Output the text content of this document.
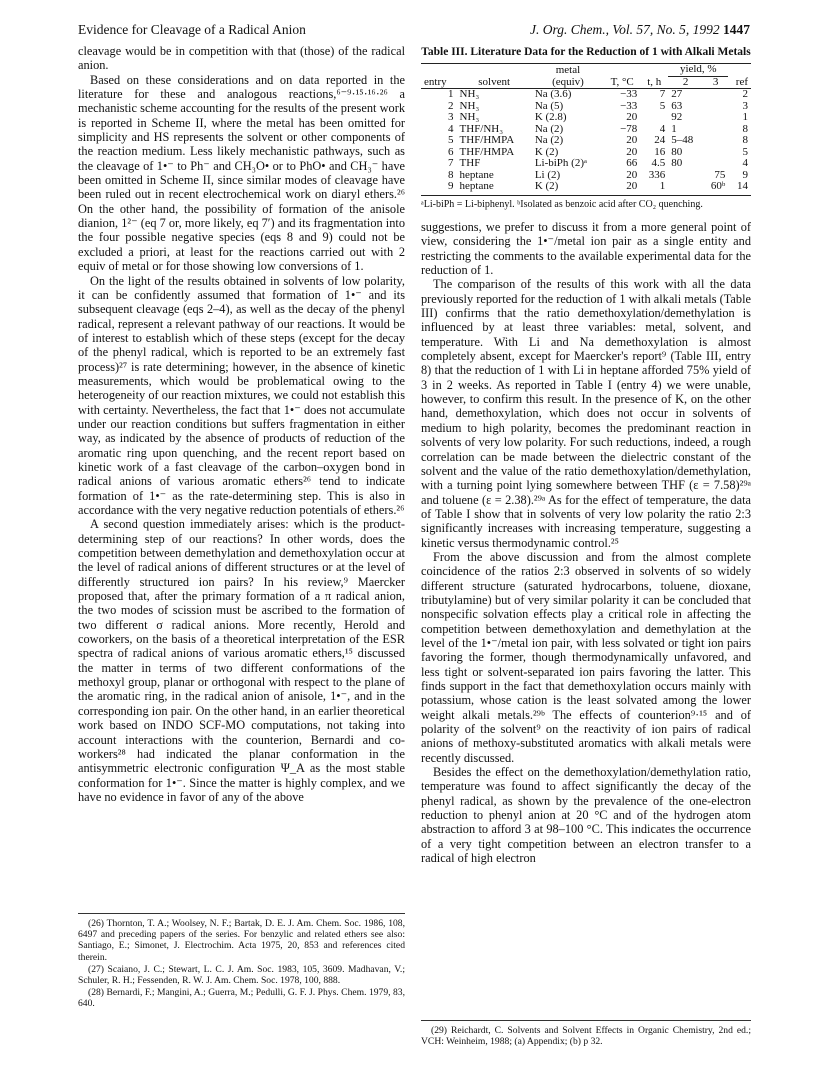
Evidence for Cleavage of a Radical Anion	J. Org. Chem., Vol. 57, No. 5, 1992 1447

cleavage would be in competition with that (those) of the radical anion.

Based on these considerations and on data reported in the literature for these and analogous reactions,⁶⁻⁹·¹⁵·¹⁶·²⁶ a mechanistic scheme accounting for the results of the present work is reported in Scheme II, where the metal has been omitted for simplicity and HS represents the solvent or other components of the reaction medium. Less likely mechanistic pathways, such as the cleavage of 1•⁻ to Ph⁻ and CH₃O• or to PhO• and CH₃⁻ have been omitted in Scheme II, since similar modes of cleavage have been ruled out in recent electrochemical work on diaryl ethers.²⁶ On the other hand, the possibility of formation of the anisole dianion, 1²⁻ (eq 7 or, more likely, eq 7′) and its fragmentation into the four possible negative species (eqs 8 and 9) could not be excluded a priori, at least for the reactions carried out with 2 equiv of metal or for those showing low conversions of 1.

On the light of the results obtained in solvents of low polarity, it can be confidently assumed that formation of 1•⁻ and its subsequent cleavage (eqs 2–4), as well as the decay of the phenyl radical, represent a relevant pathway of our reactions. It would be of interest to establish which of these steps (except for the decay of the phenyl radical, which is reported to be an extremely fast process)²⁷ is rate determining; however, in the absence of kinetic measurements, which would be problematical owing to the heterogeneity of our reaction mixtures, we could not establish this with certainty. Nevertheless, the fact that 1•⁻ does not accumulate under our reaction conditions but suffers fragmentation in either way, as indicated by the absence of products of reduction of the aromatic ring upon quenching, and the recent report based on kinetic work of a fast cleavage of the carbon–oxygen bond in radical anions of various aromatic ethers²⁶ tend to indicate formation of 1•⁻ as the rate-determining step. This is also in accordance with the very negative reduction potentials of ethers.²⁶

A second question immediately arises: which is the product-determining step of our reactions? In other words, does the competition between demethylation and demethoxylation occur at the level of radical anions of different structures or at the level of differently structured ion pairs? In his review,⁹ Maercker proposed that, after the primary formation of a π radical anion, the two modes of scission must be ascribed to the formation of two different σ radical anions. More recently, Herold and coworkers, on the basis of a theoretical interpretation of the ESR spectra of radical anions of various aromatic ethers,¹⁵ discussed the matter in terms of two different conformations of the methoxyl group, planar or orthogonal with respect to the plane of the aromatic ring, in the radical anion of anisole, 1•⁻, and in the corresponding ion pair. On the other hand, in an earlier theoretical work based on INDO SCF-MO computations, not taking into account interactions with the counterion, Bernardi and co-workers²⁸ had indicated the planar conformation in the antisymmetric electronic configuration Ψ_A as the most stable conformation for 1•⁻. Since the matter is highly complex, and we have no evidence in favor of any of the above

Table III. Literature Data for the Reduction of 1 with Alkali Metals
		metal			yield, %		
entry	solvent	(equiv)	T, °C	t, h	2	3	ref
1	NH₃	Na (3.6)	−33	7	27		2
2	NH₃	Na (5)	−33	5	63		3
3	NH₃	K (2.8)	20		92		1
4	THF/NH₃	Na (2)	−78	4	1		8
5	THF/HMPA	Na (2)	20	24	5–48		8
6	THF/HMPA	K (2)	20	16	80		5
7	THF	Li-biPh (2)ᵃ	66	4.5	80		4
8	heptane	Li (2)	20	336		75	9
9	heptane	K (2)	20	1		60ᵇ	14
ᵃLi-biPh = Li-biphenyl. ᵇIsolated as benzoic acid after CO₂ quenching.

suggestions, we prefer to discuss it from a more general point of view, considering the 1•⁻/metal ion pair as a single entity and restricting the comments to the available experimental data for the reduction of 1.

The comparison of the results of this work with all the data previously reported for the reduction of 1 with alkali metals (Table III) confirms that the ratio demethoxylation/demethylation is influenced by at least three variables: metal, solvent, and temperature. With Li and Na demethoxylation is almost completely absent, except for Maercker's report⁹ (Table III, entry 8) that the reduction of 1 with Li in heptane afforded 75% yield of 3 in 2 weeks. As reported in Table I (entry 4) we were unable, however, to confirm this result. In the presence of K, on the other hand, demethoxylation, which does not occur in solvents of medium to high polarity, becomes the predominant reaction in solvents of very low polarity. For such reductions, indeed, a rough correlation can be made between the dielectric constant of the solvent and the value of the ratio demethoxylation/demethylation, with a turning point lying somewhere between THF (ε = 7.58)²⁹ᵃ and toluene (ε = 2.38).²⁹ᵃ As for the effect of temperature, the data of Table I show that in solvents of very low polarity the ratio 2:3 significantly increases with increasing temperature, suggesting a kinetic versus thermodynamic control.²⁵

From the above discussion and from the almost complete coincidence of the ratios 2:3 observed in solvents of so widely different structure (saturated hydrocarbons, toluene, dioxane, tributylamine) but of very similar polarity it can be concluded that nonspecific solvation effects play a critical role in affecting the competition between demethoxylation and demethylation at the level of the 1•⁻/metal ion pair, with less solvated or tight ion pairs favoring the former, though thermodynamically unfavored, and less tight or solvent-separated ion pairs favoring the latter. This finds support in the fact that demethoxylation occurs mainly with potassium, whose cation is the least solvated among the lower weight alkali metals.²⁹ᵇ The effects of counterion⁹·¹⁵ and of polarity of the solvent⁹ on the reactivity of ion pairs of radical anions of methoxy-substituted aromatics with alkali metals were recently discussed.

Besides the effect on the demethoxylation/demethylation ratio, temperature was found to affect significantly the decay of the phenyl radical, as shown by the prevalence of the one-electron reduction to phenyl anion at 20 °C and of the hydrogen atom abstraction to afford 3 at 98–100 °C. This indicates the occurrence of a very tight competition between an electron transfer to a radical of high electron

(26) Thornton, T. A.; Woolsey, N. F.; Bartak, D. E. J. Am. Chem. Soc. 1986, 108, 6497 and preceding papers of the series. For benzylic and related ethers see also: Santiago, E.; Simonet, J. Electrochim. Acta 1975, 20, 853 and references cited therein.

(27) Scaiano, J. C.; Stewart, L. C. J. Am. Soc. 1983, 105, 3609. Madhavan, V.; Schuler, R. H.; Fessenden, R. W. J. Am. Chem. Soc. 1978, 100, 888.

(28) Bernardi, F.; Mangini, A.; Guerra, M.; Pedulli, G. F. J. Phys. Chem. 1979, 83, 640.

(29) Reichardt, C. Solvents and Solvent Effects in Organic Chemistry, 2nd ed.; VCH: Weinheim, 1988; (a) Appendix; (b) p 32.
